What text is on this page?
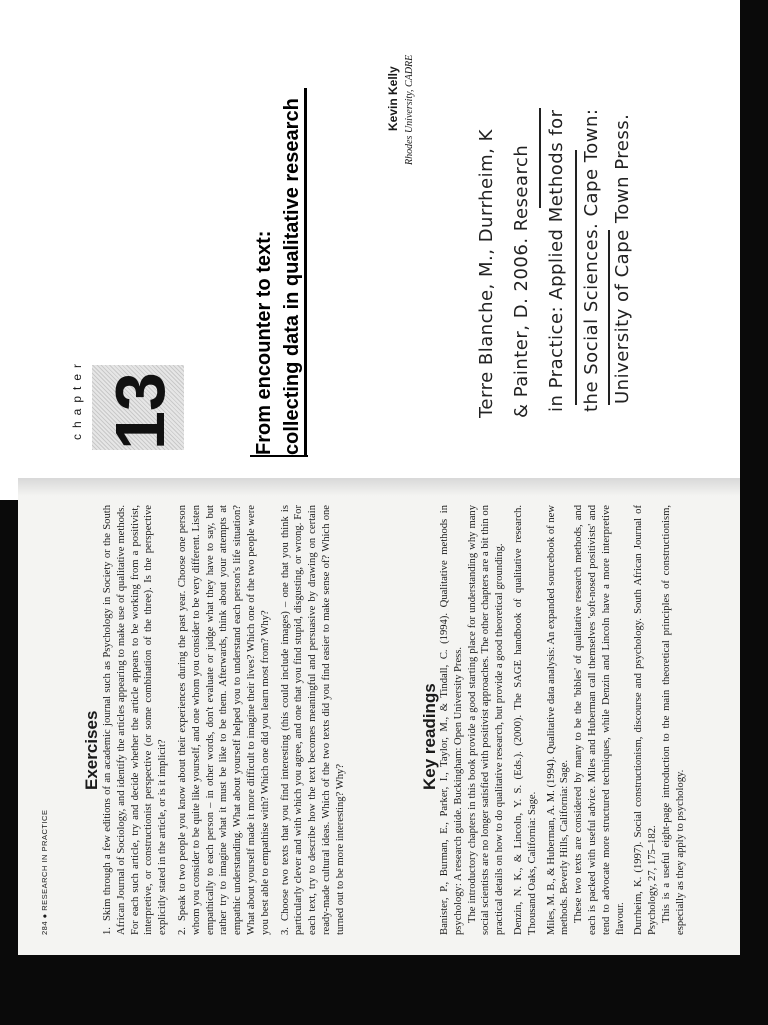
chapter 13	From encounter to text: collecting data in qualitative research	Kevin Kelly Rhodes University, CADRE
Terre Blanche, M., Durrheim, K & Painter, D. 2006. Research in Practice: Applied Methods for the Social Sciences. Cape Town: University of Cape Town Press.
Exercises

1.Skim through a few editions of an academic journal such as Psychology in Society or the South African Journal of Sociology, and identify the articles appearing to make use of qualitative methods. For each such article, try and decide whether the article appears to be working from a positivist, interpretive, or constructionist perspective (or some combination of the three). Is the perspective explicitly stated in the article, or is it implicit? 2.Speak to two people you know about their experiences during the past year. Choose one person whom you consider to be quite like yourself, and one whom you consider to be very different. Listen empathically to each person – in other words, don't evaluate or judge what they have to say, but rather try to imagine what it must be like to be them. Afterwards, think about your attempts at empathic understanding. What about yourself helped you to understand each person's life situation? What about yourself made it more difficult to imagine their lives? Which one of the two people were you best able to empathise with? Which one did you learn most from? Why? 3.Choose two texts that you find interesting (this could include images) – one that you think is particularly clever and with which you agree, and one that you find stupid, disgusting, or wrong. For each text, try to describe how the text becomes meaningful and persuasive by drawing on certain ready-made cultural ideas. Which of the two texts did you find easier to make sense of? Which one turned out to be more interesting? Why?

Key readings Banister, P., Burman, E., Parker, I., Taylor, M., & Tindall, C. (1994). Qualitative methods in psychology: A research guide. Buckingham: Open University Press. The introductory chapters in this book provide a good starting place for understanding why many social scientists are no longer satisfied with positivist approaches. The other chapters are a bit thin on practical details on how to do qualitative research, but provide a good theoretical grounding. Denzin, N. K., & Lincoln, Y. S. (Eds.). (2000). The SAGE handbook of qualitative research. Thousand Oaks, California: Sage. Miles, M. B., & Huberman, A. M. (1994). Qualitative data analysis: An expanded sourcebook of new methods. Beverly Hills, California: Sage. These two texts are considered by many to be the 'bibles' of qualitative research methods, and each is packed with useful advice. Miles and Huberman call themselves 'soft-nosed positivists' and tend to advocate more structured techniques, while Denzin and Lincoln have a more interpretive flavour. Durrheim, K. (1997). Social constructionism, discourse and psychology. South African Journal of Psychology, 27, 175–182. This is a useful eight-page introduction to the main theoretical principles of constructionism, especially as they apply to psychology.

284 ● RESEARCH IN PRACTICE
